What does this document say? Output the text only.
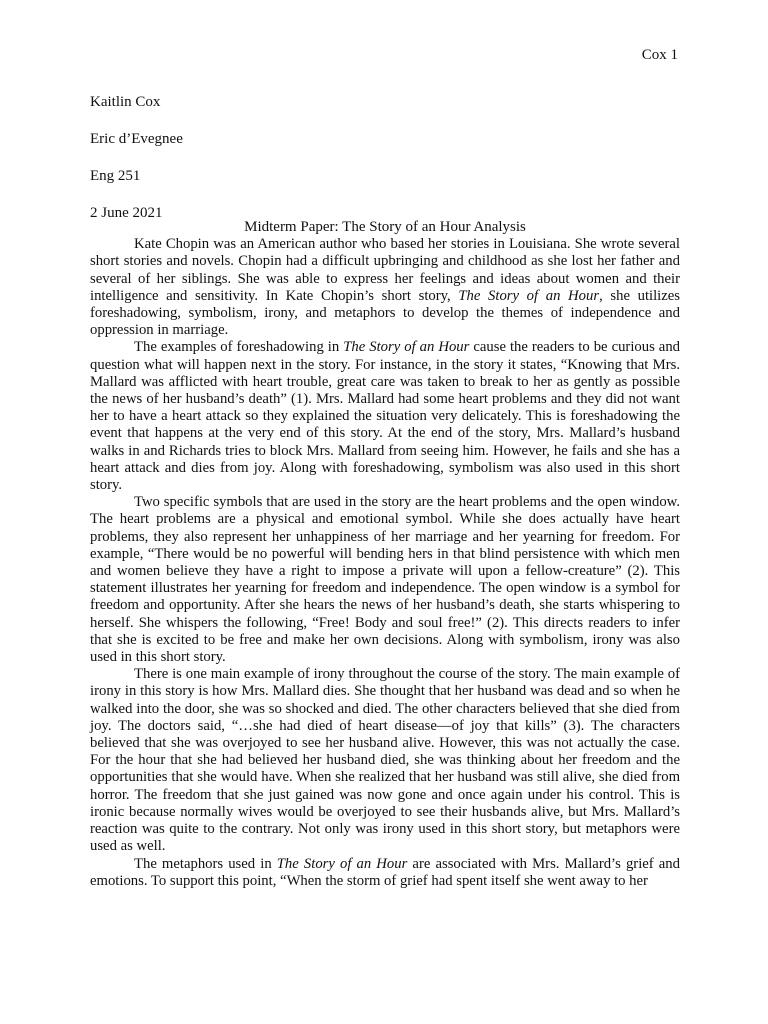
Cox 1
Kaitlin Cox
Eric d’Evegnee
Eng 251
2 June 2021
Midterm Paper: The Story of an Hour Analysis

Kate Chopin was an American author who based her stories in Louisiana. She wrote several short stories and novels. Chopin had a difficult upbringing and childhood as she lost her father and several of her siblings. She was able to express her feelings and ideas about women and their intelligence and sensitivity. In Kate Chopin’s short story, The Story of an Hour, she utilizes foreshadowing, symbolism, irony, and metaphors to develop the themes of independence and oppression in marriage.

The examples of foreshadowing in The Story of an Hour cause the readers to be curious and question what will happen next in the story. For instance, in the story it states, “Knowing that Mrs. Mallard was afflicted with heart trouble, great care was taken to break to her as gently as possible the news of her husband’s death” (1). Mrs. Mallard had some heart problems and they did not want her to have a heart attack so they explained the situation very delicately. This is foreshadowing the event that happens at the very end of this story. At the end of the story, Mrs. Mallard’s husband walks in and Richards tries to block Mrs. Mallard from seeing him. However, he fails and she has a heart attack and dies from joy. Along with foreshadowing, symbolism was also used in this short story.

Two specific symbols that are used in the story are the heart problems and the open window. The heart problems are a physical and emotional symbol. While she does actually have heart problems, they also represent her unhappiness of her marriage and her yearning for freedom. For example, “There would be no powerful will bending hers in that blind persistence with which men and women believe they have a right to impose a private will upon a fellow-creature” (2). This statement illustrates her yearning for freedom and independence. The open window is a symbol for freedom and opportunity. After she hears the news of her husband’s death, she starts whispering to herself. She whispers the following, “Free! Body and soul free!” (2). This directs readers to infer that she is excited to be free and make her own decisions. Along with symbolism, irony was also used in this short story.

There is one main example of irony throughout the course of the story. The main example of irony in this story is how Mrs. Mallard dies. She thought that her husband was dead and so when he walked into the door, she was so shocked and died. The other characters believed that she died from joy. The doctors said, “…she had died of heart disease—of joy that kills” (3). The characters believed that she was overjoyed to see her husband alive. However, this was not actually the case. For the hour that she had believed her husband died, she was thinking about her freedom and the opportunities that she would have. When she realized that her husband was still alive, she died from horror. The freedom that she just gained was now gone and once again under his control. This is ironic because normally wives would be overjoyed to see their husbands alive, but Mrs. Mallard’s reaction was quite to the contrary. Not only was irony used in this short story, but metaphors were used as well.

The metaphors used in The Story of an Hour are associated with Mrs. Mallard’s grief and emotions. To support this point, “When the storm of grief had spent itself she went away to her
